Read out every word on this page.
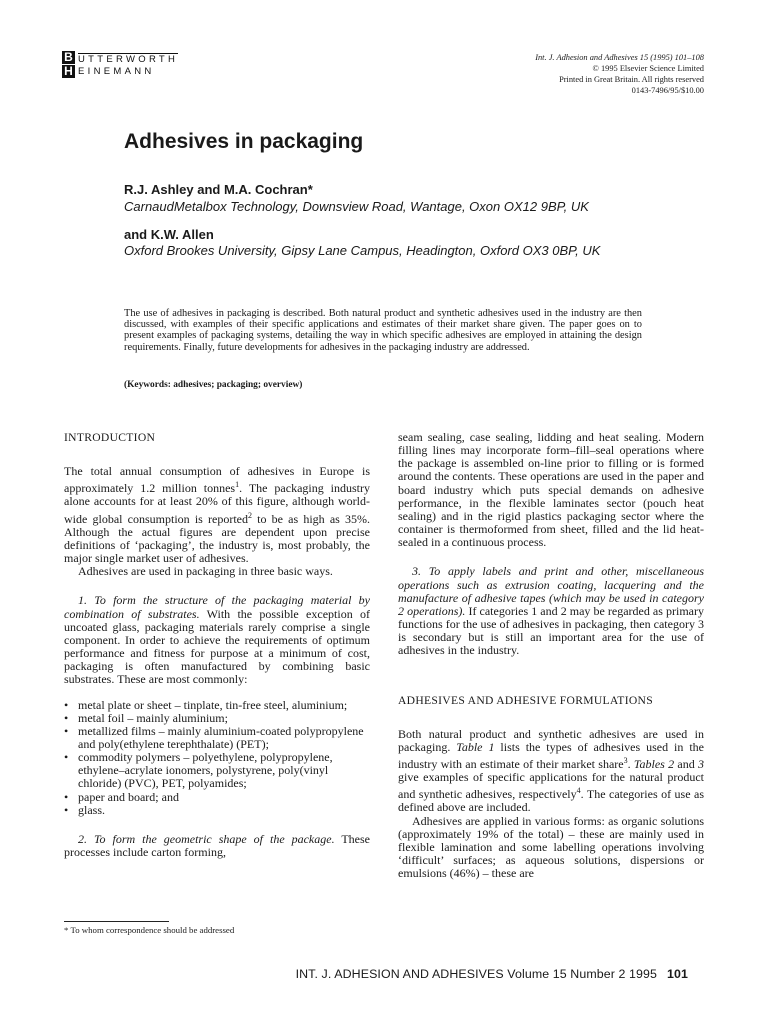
B
H
UTTERWORTH
EINEMANN
Int. J. Adhesion and Adhesives 15 (1995) 101–108
© 1995 Elsevier Science Limited
Printed in Great Britain. All rights reserved
0143-7496/95/$10.00
Adhesives in packaging
R.J. Ashley and M.A. Cochran*
CarnaudMetalbox Technology, Downsview Road, Wantage, Oxon OX12 9BP, UK
and K.W. Allen
Oxford Brookes University, Gipsy Lane Campus, Headington, Oxford OX3 0BP, UK

The use of adhesives in packaging is described. Both natural product and synthetic adhesives used in the industry are then discussed, with examples of their specific applications and estimates of their market share given. The paper goes on to present examples of packaging systems, detailing the way in which specific adhesives are employed in attaining the design requirements. Finally, future developments for adhesives in the packaging industry are addressed.

(Keywords: adhesives; packaging; overview)
INTRODUCTION

The total annual consumption of adhesives in Europe is approximately 1.2 million tonnes$^1$. The packaging industry alone accounts for at least 20% of this figure, although world-wide global consumption is reported$^2$ to be as high as 35%. Although the actual figures are dependent upon precise definitions of ‘packaging’, the industry is, most probably, the major single market user of adhesives.

Adhesives are used in packaging in three basic ways.

1. To form the structure of the packaging material by combination of substrates. With the possible exception of uncoated glass, packaging materials rarely comprise a single component. In order to achieve the requirements of optimum performance and fitness for purpose at a minimum of cost, packaging is often manufactured by combining basic substrates. These are most commonly:

• metal plate or sheet – tinplate, tin-free steel, aluminium;
• metal foil – mainly aluminium;
• metallized films – mainly aluminium-coated polypropylene and poly(ethylene terephthalate) (PET);
• commodity polymers – polyethylene, polypropylene, ethylene–acrylate ionomers, polystyrene, poly(vinyl chloride) (PVC), PET, polyamides;
• paper and board; and
• glass.

2. To form the geometric shape of the package. These processes include carton forming,

seam sealing, case sealing, lidding and heat sealing. Modern filling lines may incorporate form–fill–seal operations where the package is assembled on-line prior to filling or is formed around the contents. These operations are used in the paper and board industry which puts special demands on adhesive performance, in the flexible laminates sector (pouch heat sealing) and in the rigid plastics packaging sector where the container is thermoformed from sheet, filled and the lid heat-sealed in a continuous process.

3. To apply labels and print and other, miscellaneous operations such as extrusion coating, lacquering and the manufacture of adhesive tapes (which may be used in category 2 operations). If categories 1 and 2 may be regarded as primary functions for the use of adhesives in packaging, then category 3 is secondary but is still an important area for the use of adhesives in the industry.

ADHESIVES AND ADHESIVE FORMULATIONS

Both natural product and synthetic adhesives are used in packaging. Table 1 lists the types of adhesives used in the industry with an estimate of their market share$^3$. Tables 2 and 3 give examples of specific applications for the natural product and synthetic adhesives, respectively$^4$. The categories of use as defined above are included.

Adhesives are applied in various forms: as organic solutions (approximately 19% of the total) – these are mainly used in flexible lamination and some labelling operations involving ‘difficult’ surfaces; as aqueous solutions, dispersions or emulsions (46%) – these are

* To whom correspondence should be addressed
INT. J. ADHESION AND ADHESIVES Volume 15 Number 2 1995 101
